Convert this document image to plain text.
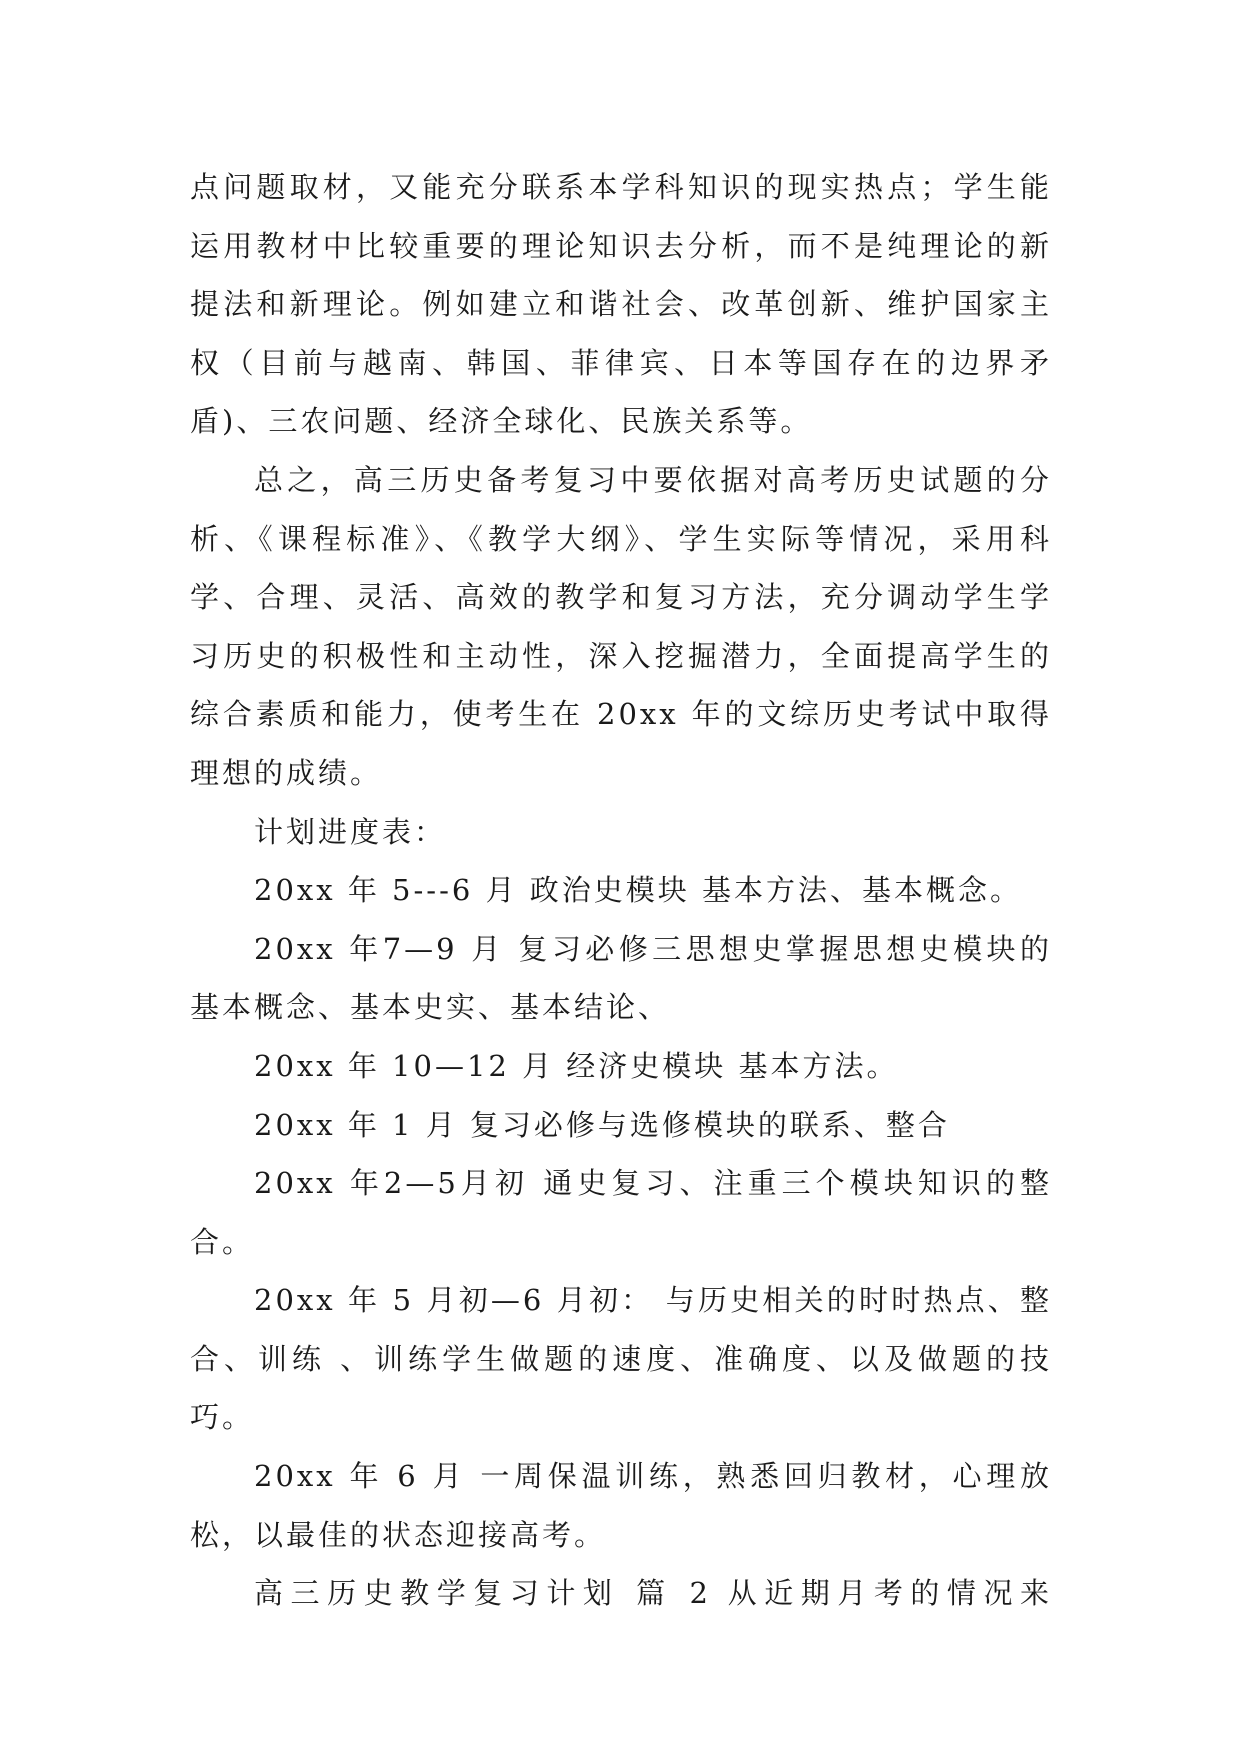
点问题取材，又能充分联系本学科知识的现实热点；学生能运用教材中比较重要的理论知识去分析，而不是纯理论的新提法和新理论。例如建立和谐社会、改革创新、维护国家主权（目前与越南、韩国、菲律宾、日本等国存在的边界矛盾)、三农问题、经济全球化、民族关系等。

总之，高三历史备考复习中要依据对高考历史试题的分析、《课程标准》、《教学大纲》、学生实际等情况，采用科学、合理、灵活、高效的教学和复习方法，充分调动学生学习历史的积极性和主动性，深入挖掘潜力，全面提高学生的综合素质和能力，使考生在 20xx 年的文综历史考试中取得理想的成绩。

计划进度表：

20xx 年 5---6 月 政治史模块 基本方法、基本概念。

20xx 年7—9 月 复习必修三思想史掌握思想史模块的基本概念、基本史实、基本结论、

20xx 年 10—12 月 经济史模块 基本方法。

20xx 年 1 月 复习必修与选修模块的联系、整合

20xx 年2—5月初 通史复习、注重三个模块知识的整合。

20xx 年 5 月初—6 月初： 与历史相关的时时热点、整合、训练 、训练学生做题的速度、准确度、以及做题的技巧。

20xx 年 6 月 一周保温训练，熟悉回归教材，心理放松，以最佳的状态迎接高考。

高三历史教学复习计划 篇 2 从近期月考的情况来
